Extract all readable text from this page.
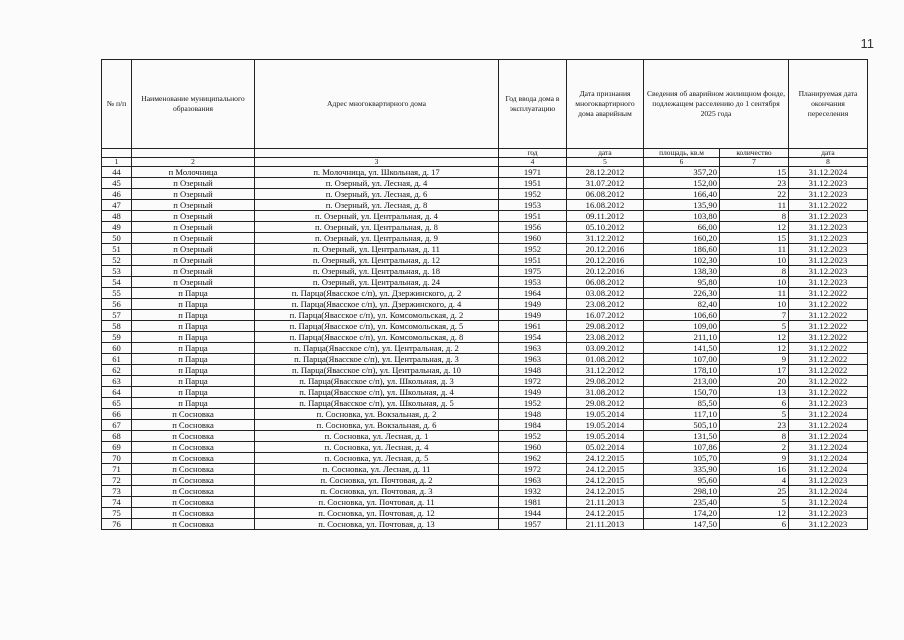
11
№ п/п	Наименование муниципального образования	Адрес многоквартирного дома	Год ввода дома в эксплуатацию	Дата признания многоквартирного дома аварийным	Сведения об аварийном жилищном фонде, подлежащем расселению до 1 сентября 2025 года		Планируемая дата окончания переселения
			год	дата	площадь, кв.м	количество	дата
1	2	3	4	5	6	7	8
44	п Молочница	п. Молочница, ул. Школьная, д. 17	1971	28.12.2012	357,20	15	31.12.2024
45	п Озерный	п. Озерный, ул. Лесная, д. 4	1951	31.07.2012	152,00	23	31.12.2023
46	п Озерный	п. Озерный, ул. Лесная, д. 6	1952	06.08.2012	166,40	22	31.12.2023
47	п Озерный	п. Озерный, ул. Лесная, д. 8	1953	16.08.2012	135,90	11	31.12.2022
48	п Озерный	п. Озерный, ул. Центральная, д. 4	1951	09.11.2012	103,80	8	31.12.2023
49	п Озерный	п. Озерный, ул. Центральная, д. 8	1956	05.10.2012	66,00	12	31.12.2023
50	п Озерный	п. Озерный, ул. Центральная, д. 9	1960	31.12.2012	160,20	15	31.12.2023
51	п Озерный	п. Озерный, ул. Центральная, д. 11	1952	20.12.2016	186,60	11	31.12.2023
52	п Озерный	п. Озерный, ул. Центральная, д. 12	1951	20.12.2016	102,30	10	31.12.2023
53	п Озерный	п. Озерный, ул. Центральная, д. 18	1975	20.12.2016	138,30	8	31.12.2023
54	п Озерный	п. Озерный, ул. Центральная, д. 24	1953	06.08.2012	95,80	10	31.12.2023
55	п Парца	п. Парца(Явасское с/п), ул. Дзержинского, д. 2	1964	03.08.2012	226,30	11	31.12.2022
56	п Парца	п. Парца(Явасское с/п), ул. Дзержинского, д. 4	1949	23.08.2012	82,40	10	31.12.2022
57	п Парца	п. Парца(Явасское с/п), ул. Комсомольская, д. 2	1949	16.07.2012	106,60	7	31.12.2022
58	п Парца	п. Парца(Явасское с/п), ул. Комсомольская, д. 5	1961	29.08.2012	109,00	5	31.12.2022
59	п Парца	п. Парца(Явасское с/п), ул. Комсомольская, д. 8	1954	23.08.2012	211,10	12	31.12.2022
60	п Парца	п. Парца(Явасское с/п), ул. Центральная, д. 2	1963	03.09.2012	141,50	12	31.12.2022
61	п Парца	п. Парца(Явасское с/п), ул. Центральная, д. 3	1963	01.08.2012	107,00	9	31.12.2022
62	п Парца	п. Парца(Явасское с/п), ул. Центральная, д. 10	1948	31.12.2012	178,10	17	31.12.2022
63	п Парца	п. Парца(Явасское с/п), ул. Школьная, д. 3	1972	29.08.2012	213,00	20	31.12.2022
64	п Парца	п. Парца(Явасское с/п), ул. Школьная, д. 4	1949	31.08.2012	150,70	13	31.12.2022
65	п Парца	п. Парца(Явасское с/п), ул. Школьная, д. 5	1952	29.08.2012	85,50	6	31.12.2023
66	п Сосновка	п. Сосновка, ул. Вокзальная, д. 2	1948	19.05.2014	117,10	5	31.12.2024
67	п Сосновка	п. Сосновка, ул. Вокзальная, д. 6	1984	19.05.2014	505,10	23	31.12.2024
68	п Сосновка	п. Сосновка, ул. Лесная, д. 1	1952	19.05.2014	131,50	8	31.12.2024
69	п Сосновка	п. Сосновка, ул. Лесная, д. 4	1960	05.02.2014	107,86	2	31.12.2024
70	п Сосновка	п. Сосновка, ул. Лесная, д. 5	1962	24.12.2015	105,70	9	31.12.2024
71	п Сосновка	п. Сосновка, ул. Лесная, д. 11	1972	24.12.2015	335,90	16	31.12.2024
72	п Сосновка	п. Сосновка, ул. Почтовая, д. 2	1963	24.12.2015	95,60	4	31.12.2023
73	п Сосновка	п. Сосновка, ул. Почтовая, д. 3	1932	24.12.2015	298,10	25	31.12.2024
74	п Сосновка	п. Сосновка, ул. Почтовая, д. 11	1981	21.11.2013	235,40	5	31.12.2024
75	п Сосновка	п. Сосновка, ул. Почтовая, д. 12	1944	24.12.2015	174,20	12	31.12.2023
76	п Сосновка	п. Сосновка, ул. Почтовая, д. 13	1957	21.11.2013	147,50	6	31.12.2023
